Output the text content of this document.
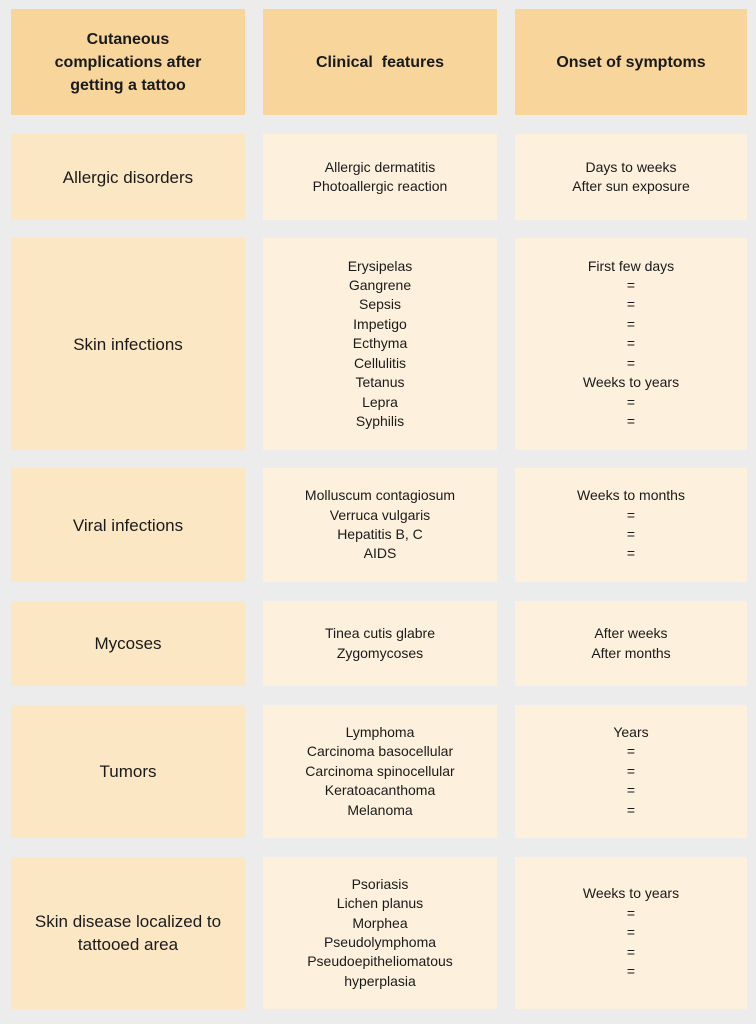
Cutaneous
complications after
getting a tattoo
Clinical  features	Onset of symptoms
Allergic disorders
Allergic dermatitis
Photoallergic reaction
Days to weeks
After sun exposure
Skin infections
Erysipelas
Gangrene
Sepsis
Impetigo
Ecthyma
Cellulitis
Tetanus
Lepra
Syphilis
First few days
=
=
=
=
=
Weeks to years
=
=
Viral infections
Molluscum contagiosum
Verruca vulgaris
Hepatitis B, C
AIDS
Weeks to months
=
=
=
Mycoses
Tinea cutis glabre
Zygomycoses
After weeks
After months
Tumors
Lymphoma
Carcinoma basocellular
Carcinoma spinocellular
Keratoacanthoma
Melanoma
Years
=
=
=
=
Skin disease localized to
tattooed area
Psoriasis
Lichen planus
Morphea
Pseudolymphoma
Pseudoepitheliomatous
hyperplasia
Weeks to years
=
=
=
=
